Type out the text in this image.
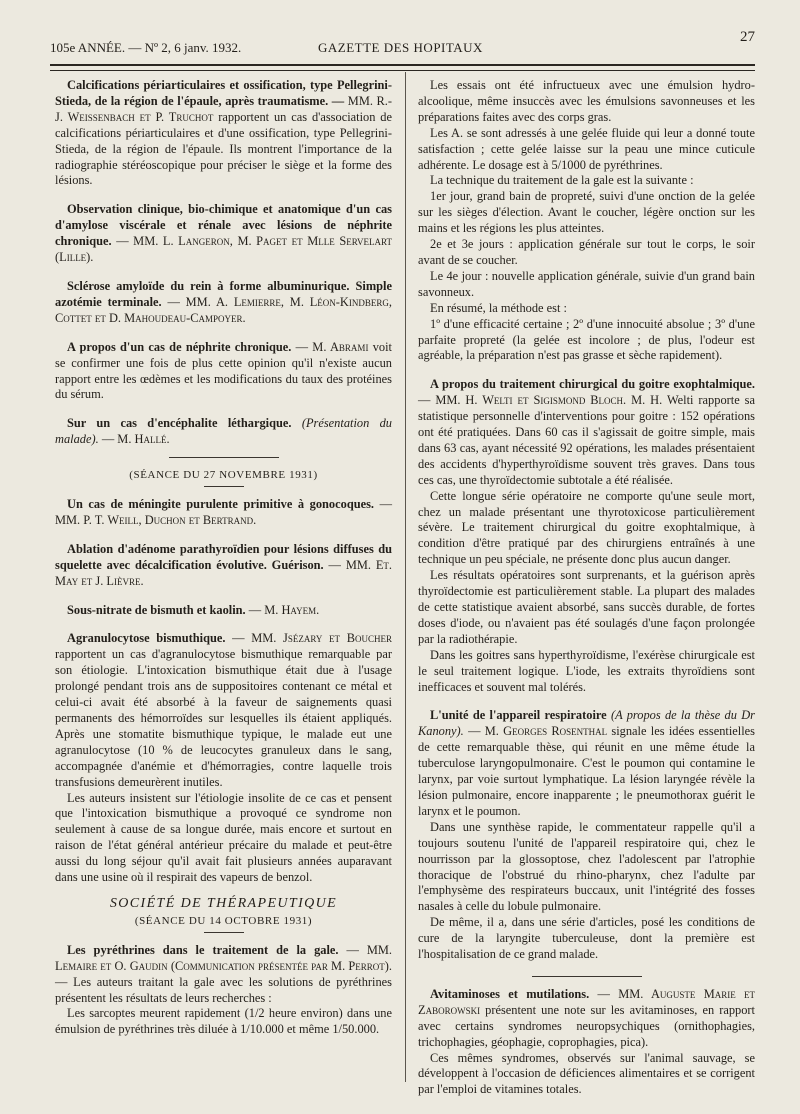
105e ANNÉE. — Nº 2, 6 janv. 1932.	GAZETTE DES HOPITAUX
27

Calcifications périarticulaires et ossification, type Pellegrini-Stieda, de la région de l'épaule, après traumatisme. — MM. R.-J. Weissenbach et P. Truchot rapportent un cas d'association de calcifications périarticulaires et d'une ossification, type Pellegrini-Stieda, de la région de l'épaule. Ils montrent l'importance de la radiographie stéréoscopique pour préciser le siège et la forme des lésions.

Observation clinique, bio-chimique et anatomique d'un cas d'amylose viscérale et rénale avec lésions de néphrite chronique. — MM. L. Langeron, M. Paget et Mlle Servelart (Lille).

Sclérose amyloïde du rein à forme albuminurique. Simple azotémie terminale. — MM. A. Lemierre, M. Léon-Kindberg, Cottet et D. Mahoudeau-Campoyer.

A propos d'un cas de néphrite chronique. — M. Abrami voit se confirmer une fois de plus cette opinion qu'il n'existe aucun rapport entre les œdèmes et les modifications du taux des protéines du sérum.

Sur un cas d'encéphalite léthargique. (Présentation du malade). — M. Hallé.

(SÉANCE DU 27 NOVEMBRE 1931)

Un cas de méningite purulente primitive à gonocoques. — MM. P. T. Weill, Duchon et Bertrand.

Ablation d'adénome parathyroïdien pour lésions diffuses du squelette avec décalcification évolutive. Guérison. — MM. Et. May et J. Lièvre.

Sous-nitrate de bismuth et kaolin. — M. Hayem.

Agranulocytose bismuthique. — MM. Jsézary et Boucher rapportent un cas d'agranulocytose bismuthique remarquable par son étiologie. L'intoxication bismuthique était due à l'usage prolongé pendant trois ans de suppositoires contenant ce métal et celui-ci avait été absorbé à la faveur de saignements quasi permanents des hémorroïdes sur lesquelles ils étaient appliqués. Après une stomatite bismuthique typique, le malade eut une agranulocytose (10 % de leucocytes granuleux dans le sang, accompagnée d'anémie et d'hémorragies, contre laquelle trois transfusions demeurèrent inutiles.

Les auteurs insistent sur l'étiologie insolite de ce cas et pensent que l'intoxication bismuthique a provoqué ce syndrome non seulement à cause de sa longue durée, mais encore et surtout en raison de l'état général antérieur précaire du malade et peut-être aussi du long séjour qu'il avait fait plusieurs années auparavant dans une usine où il respirait des vapeurs de benzol.

SOCIÉTÉ DE THÉRAPEUTIQUE
(SÉANCE DU 14 OCTOBRE 1931)

Les pyréthrines dans le traitement de la gale. — MM. Lemaire et O. Gaudin (Communication présentée par M. Perrot). — Les auteurs traitant la gale avec les solutions de pyréthrines présentent les résultats de leurs recherches :

Les sarcoptes meurent rapidement (1/2 heure environ) dans une émulsion de pyréthrines très diluée à 1/10.000 et même 1/50.000.

Les essais ont été infructueux avec une émulsion hydro-alcoolique, même insuccès avec les émulsions savonneuses et les préparations faites avec des corps gras.

Les A. se sont adressés à une gelée fluide qui leur a donné toute satisfaction ; cette gelée laisse sur la peau une mince cuticule adhérente. Le dosage est à 5/1000 de pyréthrines.

La technique du traitement de la gale est la suivante :

1er jour, grand bain de propreté, suivi d'une onction de la gelée sur les sièges d'élection. Avant le coucher, légère onction sur les mains et les régions les plus atteintes.

2e et 3e jours : application générale sur tout le corps, le soir avant de se coucher.

Le 4e jour : nouvelle application générale, suivie d'un grand bain savonneux.

En résumé, la méthode est :

1º d'une efficacité certaine ; 2º d'une innocuité absolue ; 3º d'une parfaite propreté (la gelée est incolore ; de plus, l'odeur est agréable, la préparation n'est pas grasse et sèche rapidement).

A propos du traitement chirurgical du goitre exophtalmique. — MM. H. Welti et Sigismond Bloch. M. H. Welti rapporte sa statistique personnelle d'interventions pour goitre : 152 opérations ont été pratiquées. Dans 60 cas il s'agissait de goitre simple, mais dans 63 cas, ayant nécessité 92 opérations, les malades présentaient des accidents d'hyperthyroïdisme souvent très graves. Dans tous ces cas, une thyroïdectomie subtotale a été réalisée.

Cette longue série opératoire ne comporte qu'une seule mort, chez un malade présentant une thyrotoxicose particulièrement sévère. Le traitement chirurgical du goitre exophtalmique, à condition d'être pratiqué par des chirurgiens entraînés à une technique un peu spéciale, ne présente donc plus aucun danger.

Les résultats opératoires sont surprenants, et la guérison après thyroïdectomie est particulièrement stable. La plupart des malades de cette statistique avaient absorbé, sans succès durable, de fortes doses d'iode, ou n'avaient pas été soulagés d'une façon prolongée par la radiothérapie.

Dans les goitres sans hyperthyroïdisme, l'exérèse chirurgicale est le seul traitement logique. L'iode, les extraits thyroïdiens sont inefficaces et souvent mal tolérés.

L'unité de l'appareil respiratoire (A propos de la thèse du Dr Kanony). — M. Georges Rosenthal signale les idées essentielles de cette remarquable thèse, qui réunit en une même étude la tuberculose laryngopulmonaire. C'est le poumon qui contamine le larynx, par voie surtout lymphatique. La lésion laryngée révèle la lésion pulmonaire, encore inapparente ; le pneumothorax guérit le larynx et le poumon.

Dans une synthèse rapide, le commentateur rappelle qu'il a toujours soutenu l'unité de l'appareil respiratoire qui, chez le nourrisson par la glossoptose, chez l'adolescent par l'atrophie thoracique de l'obstrué du rhino-pharynx, chez l'adulte par l'emphysème des respirateurs buccaux, unit l'intégrité des fosses nasales à celle du lobule pulmonaire.

De même, il a, dans une série d'articles, posé les conditions de cure de la laryngite tuberculeuse, dont la première est l'hospitalisation de ce grand malade.

Avitaminoses et mutilations. — MM. Auguste Marie et Zaborowski présentent une note sur les avitaminoses, en rapport avec certains syndromes neuropsychiques (ornithophagies, trichophagies, géophagie, coprophagies, pica).

Ces mêmes syndromes, observés sur l'animal sauvage, se développent à l'occasion de déficiences alimentaires et se corrigent par l'emploi de vitamines totales.
